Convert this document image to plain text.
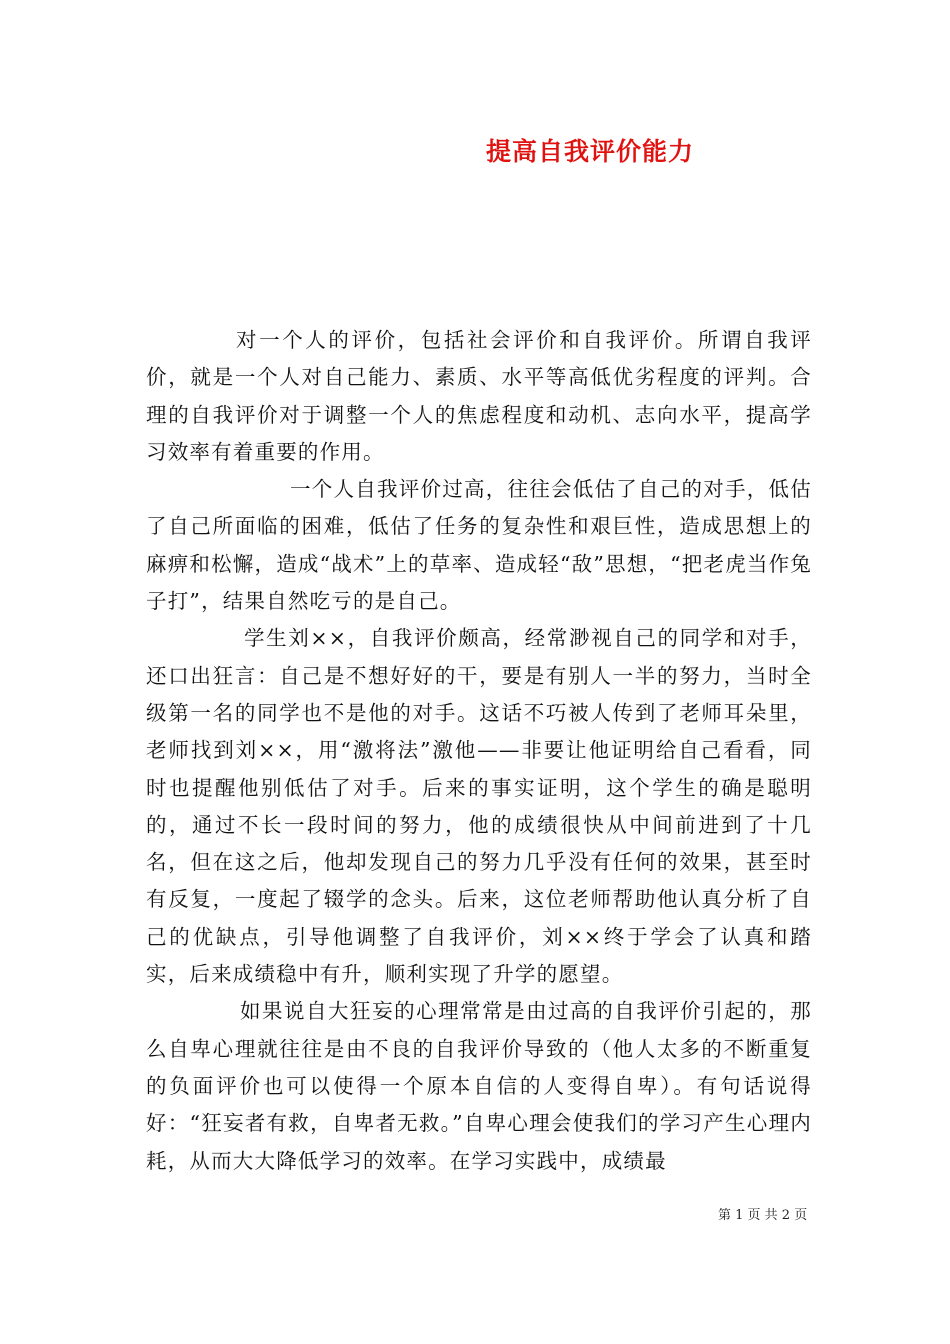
提高自我评价能力

对一个人的评价，包括社会评价和自我评价。所谓自我评价，就是一个人对自己能力、素质、水平等高低优劣程度的评判。合理的自我评价对于调整一个人的焦虑程度和动机、志向水平，提高学习效率有着重要的作用。

一个人自我评价过高，往往会低估了自己的对手，低估了自己所面临的困难，低估了任务的复杂性和艰巨性，造成思想上的麻痹和松懈，造成“战术”上的草率、造成轻“敌”思想，“把老虎当作兔子打”，结果自然吃亏的是自己。

学生刘××，自我评价颇高，经常渺视自己的同学和对手，还口出狂言：自己是不想好好的干，要是有别人一半的努力，当时全级第一名的同学也不是他的对手。这话不巧被人传到了老师耳朵里，老师找到刘××，用“激将法”激他——非要让他证明给自己看看，同时也提醒他别低估了对手。后来的事实证明，这个学生的确是聪明的，通过不长一段时间的努力，他的成绩很快从中间前进到了十几名，但在这之后，他却发现自己的努力几乎没有任何的效果，甚至时有反复，一度起了辍学的念头。后来，这位老师帮助他认真分析了自己的优缺点，引导他调整了自我评价，刘××终于学会了认真和踏实，后来成绩稳中有升，顺利实现了升学的愿望。

如果说自大狂妄的心理常常是由过高的自我评价引起的，那么自卑心理就往往是由不良的自我评价导致的（他人太多的不断重复的负面评价也可以使得一个原本自信的人变得自卑）。有句话说得好：“狂妄者有救，自卑者无救。”自卑心理会使我们的学习产生心理内耗，从而大大降低学习的效率。在学习实践中，成绩最

第 1 页 共 2 页
